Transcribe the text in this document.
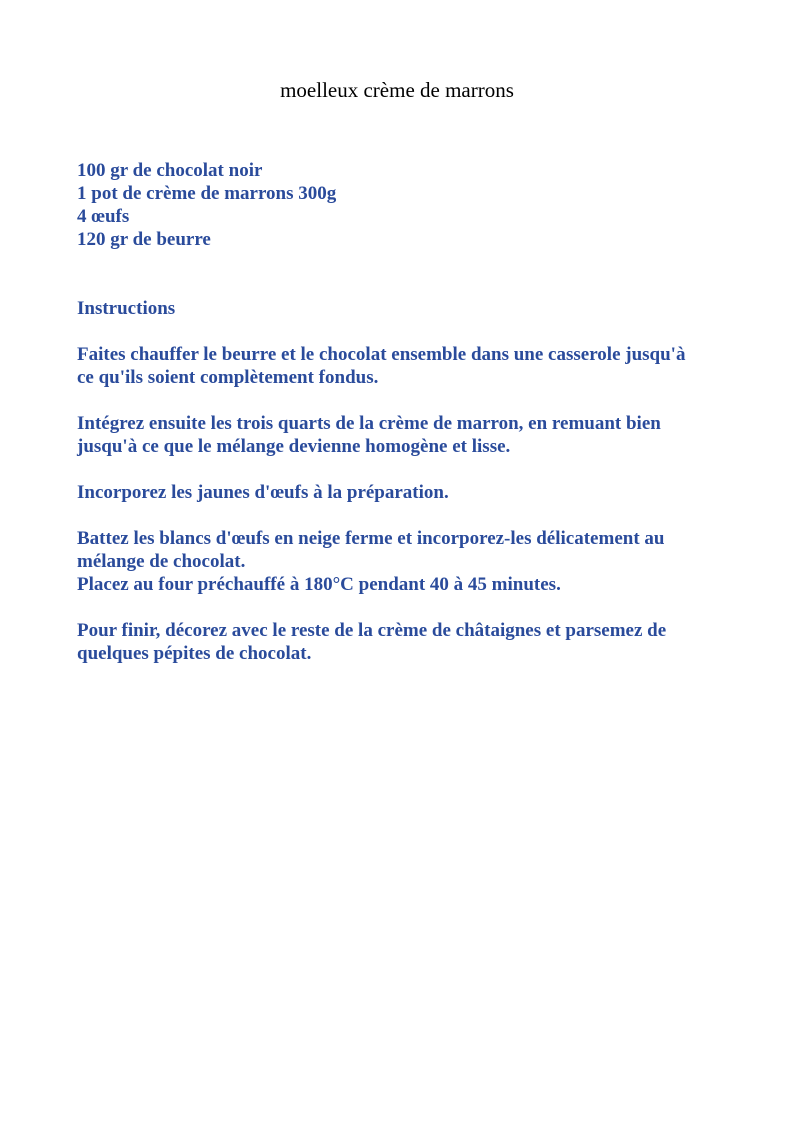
moelleux crème de marrons
100 gr de chocolat noir
1 pot de crème de marrons 300g
4 œufs
120 gr de beurre
Instructions
Faites chauffer le beurre et le chocolat ensemble dans une casserole jusqu'à
ce qu'ils soient complètement fondus.
Intégrez ensuite les trois quarts de la crème de marron, en remuant bien
jusqu'à ce que le mélange devienne homogène et lisse.
Incorporez les jaunes d'œufs à la préparation.
Battez les blancs d'œufs en neige ferme et incorporez-les délicatement au
mélange de chocolat.
Placez au four préchauffé à 180°C pendant 40 à 45 minutes.
Pour finir, décorez avec le reste de la crème de châtaignes et parsemez de
quelques pépites de chocolat.
